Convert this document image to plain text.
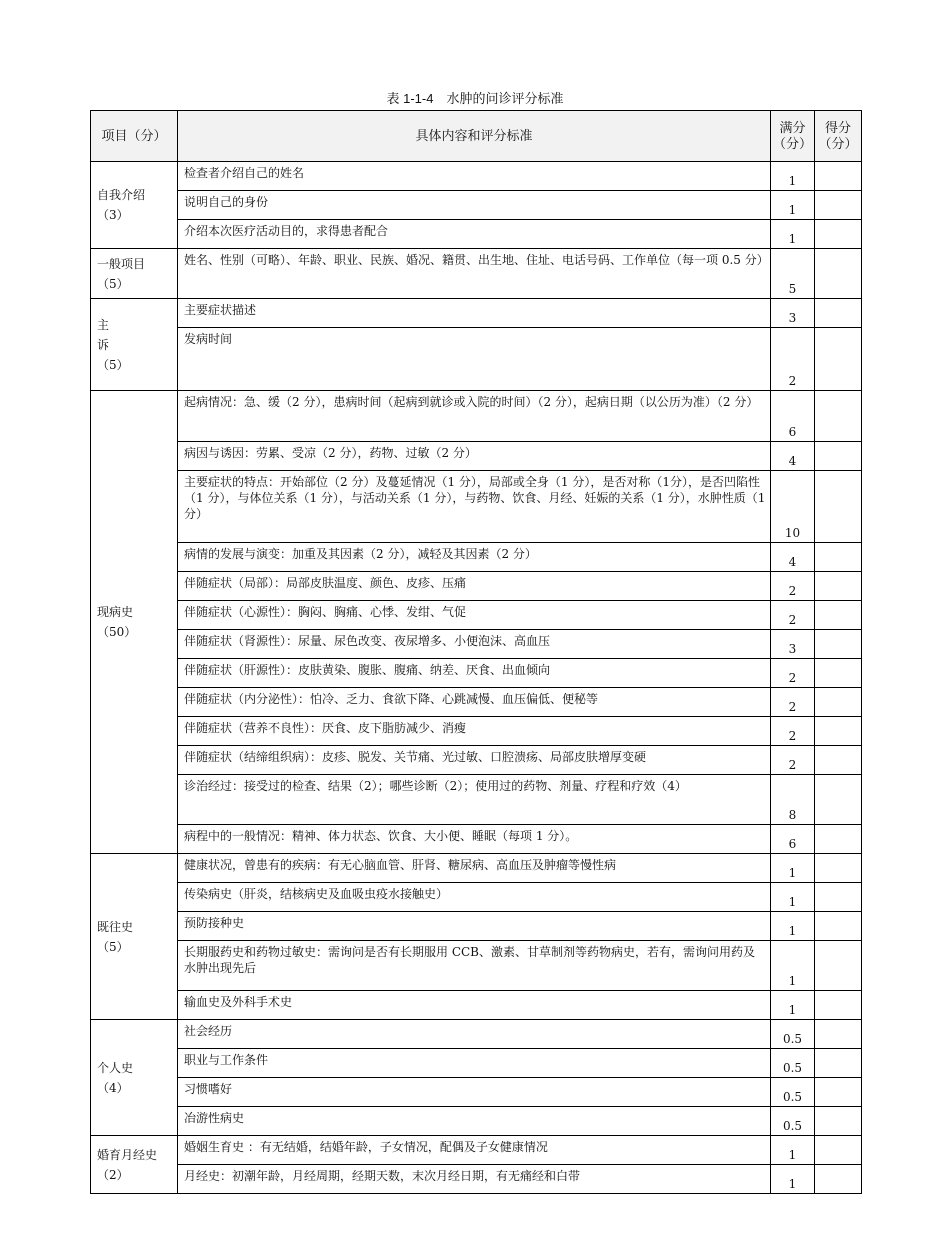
表 1-1-4　水肿的问诊评分标准
项目（分）	具体内容和评分标准	满分（分）	得分（分）
自我介绍（3）	检查者介绍自己的姓名	1	
	说明自己的身份	1	
	介绍本次医疗活动目的，求得患者配合	1	
一般项目（5）	姓名、性别（可略）、年龄、职业、民族、婚况、籍贯、出生地、住址、电话号码、工作单位（每一项 0.5 分）	5	
主诉（5）	主要症状描述	3	
	发病时间	2	
现病史（50）	起病情况：急、缓（2 分），患病时间（起病到就诊或入院的时间）（2 分），起病日期（以公历为准）（2 分）	6	
	病因与诱因：劳累、受凉（2 分），药物、过敏（2 分）	4	
	主要症状的特点：开始部位（2 分）及蔓延情况（1 分），局部或全身（1 分），是否对称（1分），是否凹陷性（1 分），与体位关系（1 分），与活动关系（1 分），与药物、饮食、月经、妊娠的关系（1 分），水肿性质（1 分）	10	
	病情的发展与演变：加重及其因素（2 分），减轻及其因素（2 分）	4	
	伴随症状（局部）：局部皮肤温度、颜色、皮疹、压痛	2	
	伴随症状（心源性）：胸闷、胸痛、心悸、发绀、气促	2	
	伴随症状（肾源性）：尿量、尿色改变、夜尿增多、小便泡沫、高血压	3	
	伴随症状（肝源性）：皮肤黄染、腹胀、腹痛、纳差、厌食、出血倾向	2	
	伴随症状（内分泌性）：怕冷、乏力、食欲下降、心跳减慢、血压偏低、便秘等	2	
	伴随症状（营养不良性）：厌食、皮下脂肪减少、消瘦	2	
	伴随症状（结缔组织病）：皮疹、脱发、关节痛、光过敏、口腔溃疡、局部皮肤增厚变硬	2	
	诊治经过：接受过的检查、结果（2）；哪些诊断（2）；使用过的药物、剂量、疗程和疗效（4）	8	
	病程中的一般情况：精神、体力状态、饮食、大小便、睡眠（每项 1 分）。	6	
既往史（5）	健康状况，曾患有的疾病：有无心脑血管、肝肾、糖尿病、高血压及肿瘤等慢性病	1	
	传染病史（肝炎，结核病史及血吸虫疫水接触史）	1	
	预防接种史	1	
	长期服药史和药物过敏史：需询问是否有长期服用 CCB、激素、甘草制剂等药物病史，若有，需询问用药及水肿出现先后	1	
	输血史及外科手术史	1	
个人史（4）	社会经历	0.5	
	职业与工作条件	0.5	
	习惯嗜好	0.5	
	冶游性病史	0.5	
婚育月经史（2）	婚姻生育史 ：有无结婚，结婚年龄，子女情况，配偶及子女健康情况	1	
	月经史：初潮年龄，月经周期，经期天数，末次月经日期，有无痛经和白带	1	
